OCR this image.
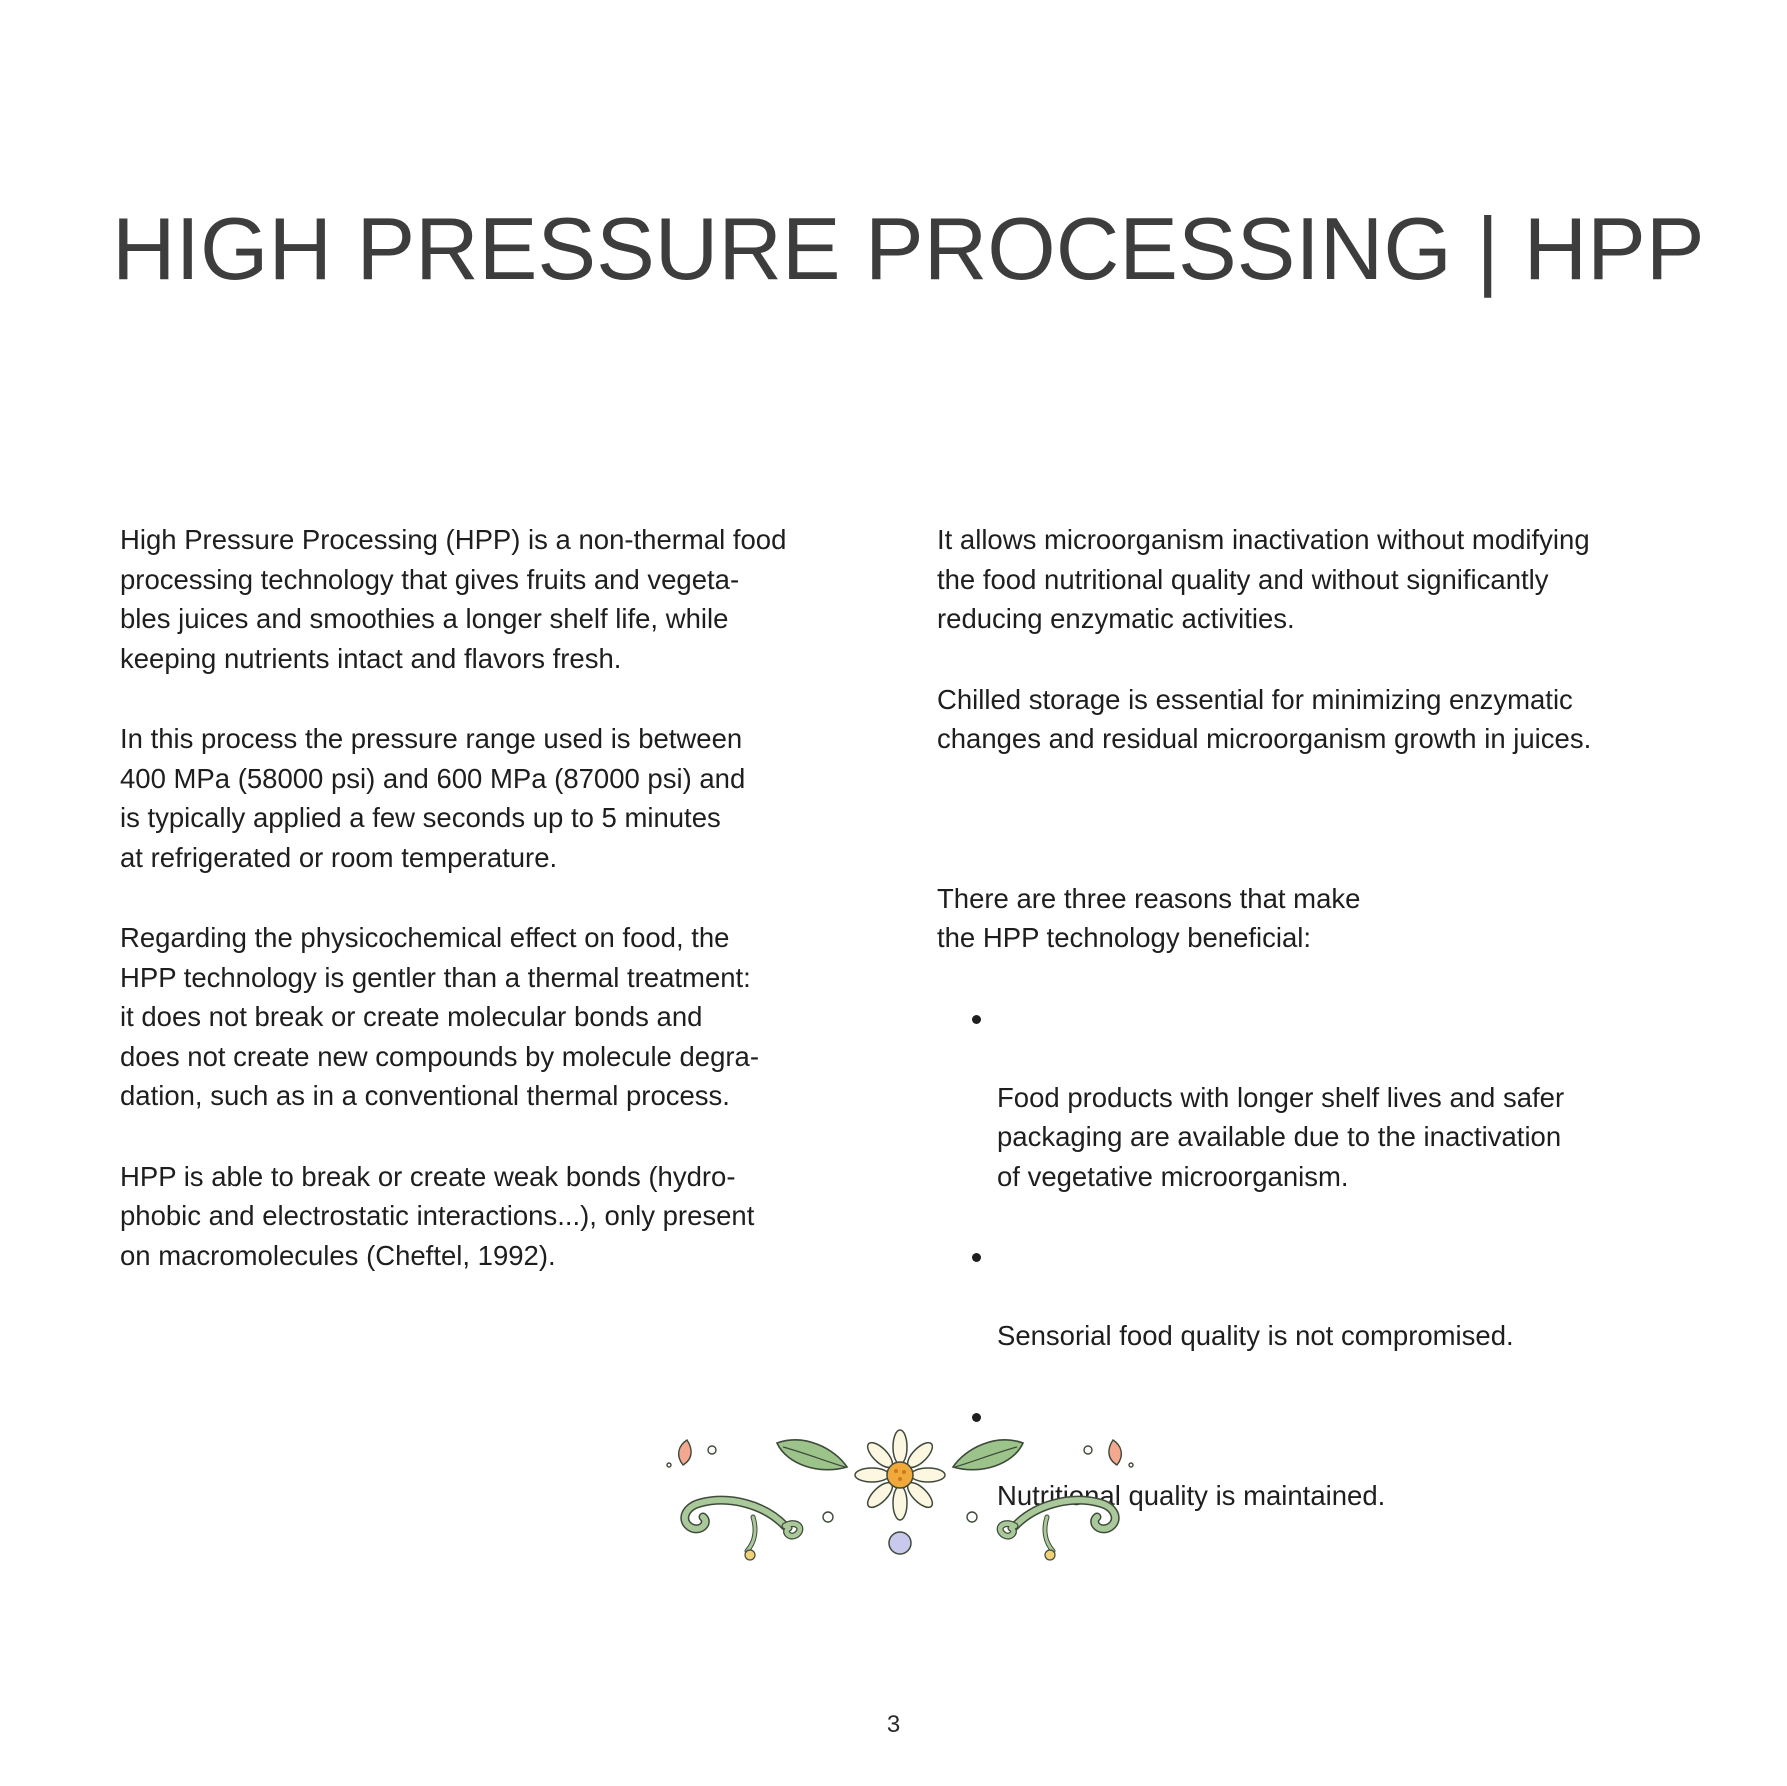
HIGH PRESSURE PROCESSING | HPP

High Pressure Processing (HPP) is a non-thermal food
processing technology that gives fruits and vegeta-
bles juices and smoothies a longer shelf life, while
keeping nutrients intact and flavors fresh.

In this process the pressure range used is between
400 MPa (58000 psi) and 600 MPa (87000 psi) and
is typically applied a few seconds up to 5 minutes
at refrigerated or room temperature.

Regarding the physicochemical effect on food, the
HPP technology is gentler than a thermal treatment:
it does not break or create molecular bonds and
does not create new compounds by molecule degra-
dation, such as in a conventional thermal process.

HPP is able to break or create weak bonds (hydro-
phobic and electrostatic interactions...), only present
on macromolecules (Cheftel, 1992).

It allows microorganism inactivation without modifying
the food nutritional quality and without significantly
reducing enzymatic activities.

Chilled storage is essential for minimizing enzymatic
changes and residual microorganism growth in juices.

There are three reasons that make
the HPP technology beneficial:

Food products with longer shelf lives and safer
packaging are available due to the inactivation
of vegetative microorganism.

Sensorial food quality is not compromised.

Nutritional quality is maintained.

3
